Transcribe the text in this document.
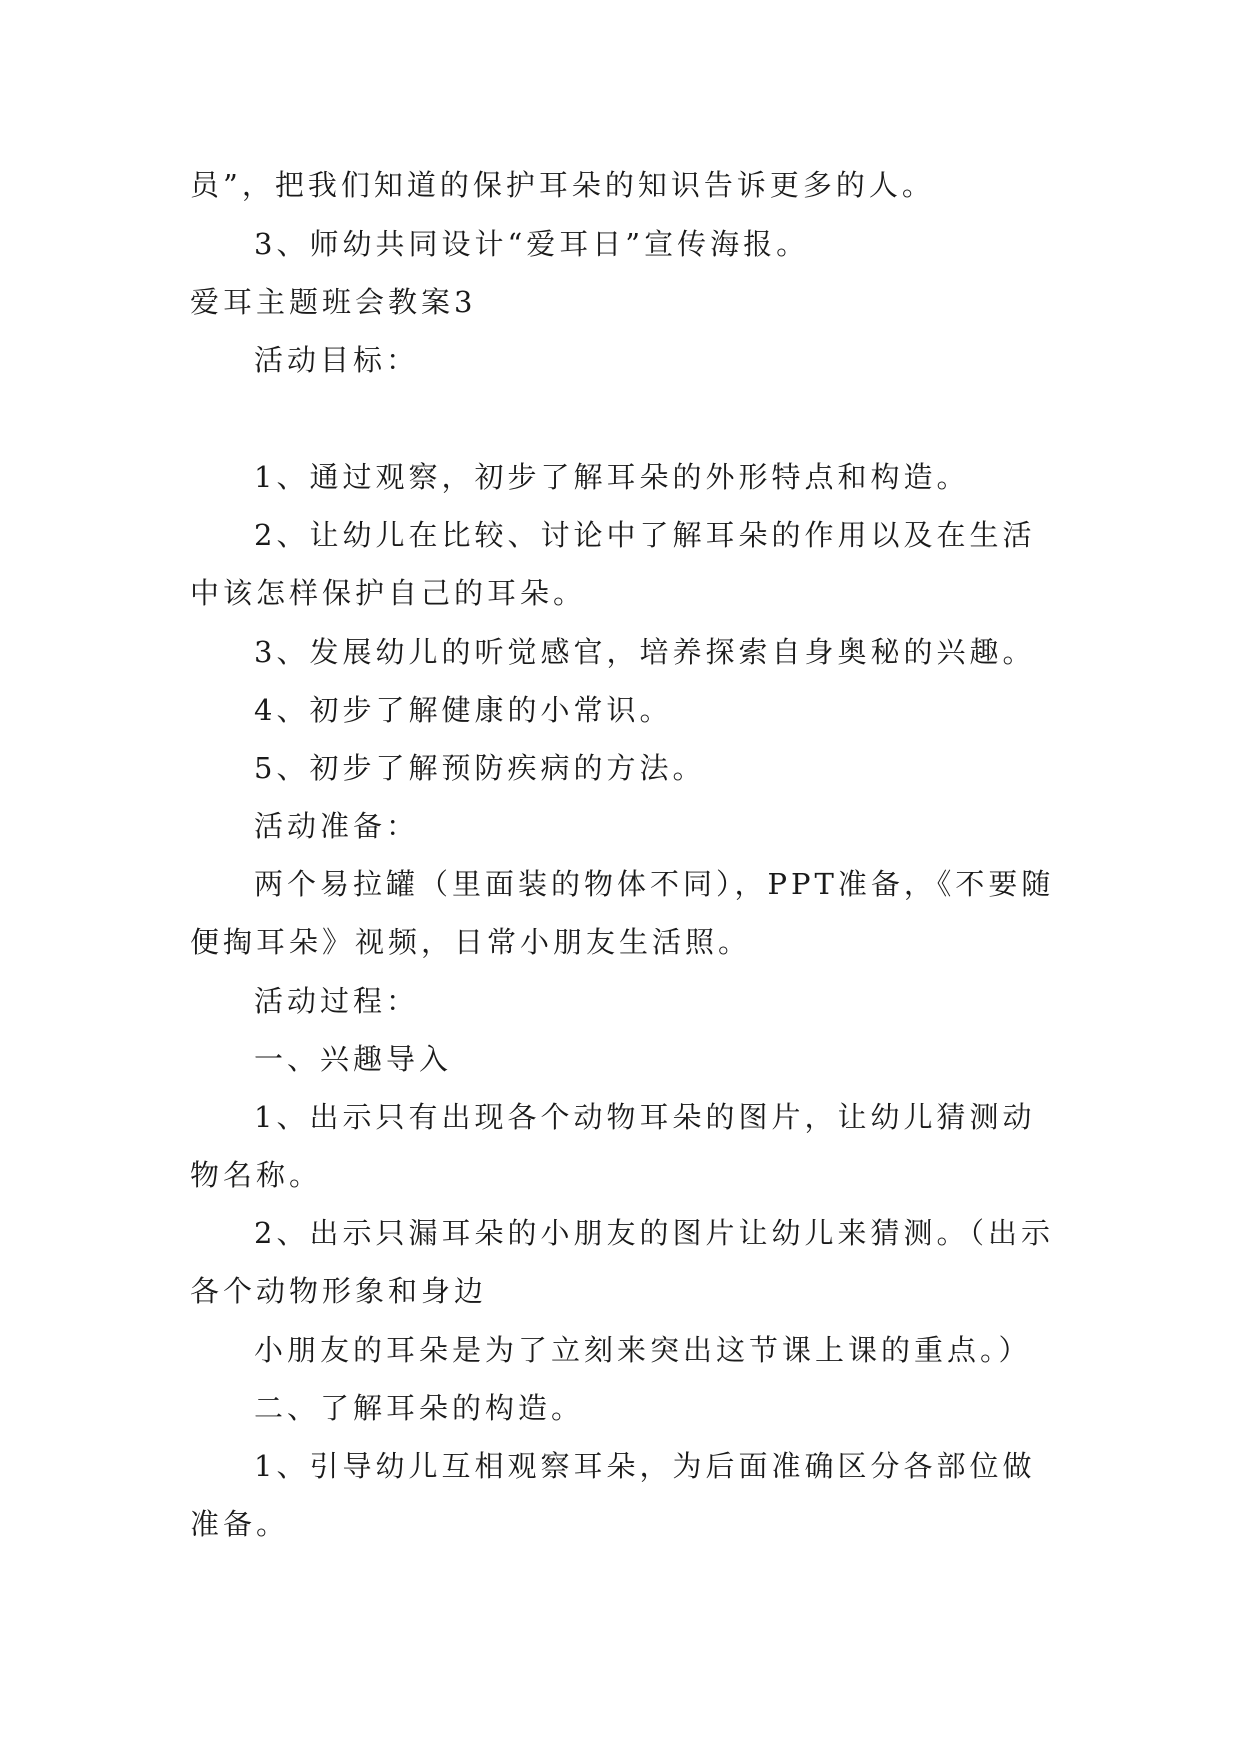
员”，把我们知道的保护耳朵的知识告诉更多的人。
3、师幼共同设计“爱耳日”宣传海报。
爱耳主题班会教案3
活动目标：
1、通过观察，初步了解耳朵的外形特点和构造。
2、让幼儿在比较、讨论中了解耳朵的作用以及在生活
中该怎样保护自己的耳朵。
3、发展幼儿的听觉感官，培养探索自身奥秘的兴趣。
4、初步了解健康的小常识。
5、初步了解预防疾病的方法。
活动准备：
两个易拉罐（里面装的物体不同），PPT准备，《不要随
便掏耳朵》视频，日常小朋友生活照。
活动过程：
一、兴趣导入
1、出示只有出现各个动物耳朵的图片，让幼儿猜测动
物名称。
2、出示只漏耳朵的小朋友的图片让幼儿来猜测。（出示
各个动物形象和身边
小朋友的耳朵是为了立刻来突出这节课上课的重点。）
二、了解耳朵的构造。
1、引导幼儿互相观察耳朵，为后面准确区分各部位做
准备。
